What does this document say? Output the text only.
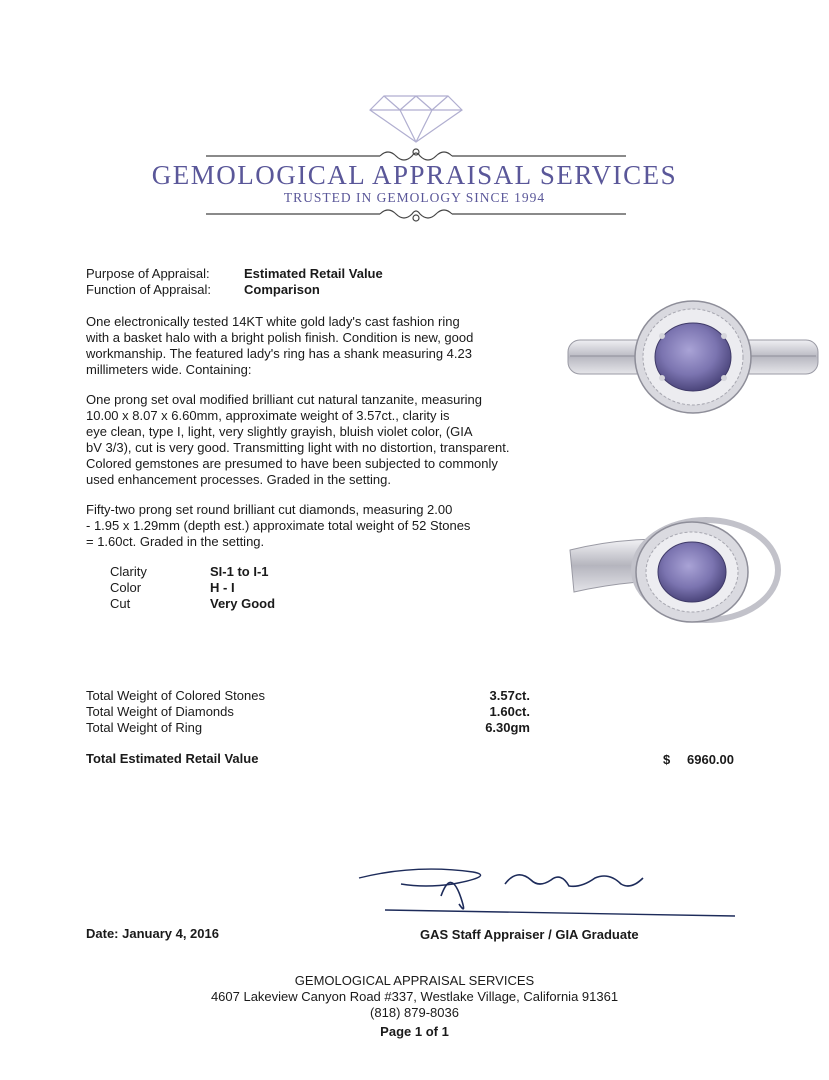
GEMOLOGICAL APPRAISAL SERVICES
TRUSTED IN GEMOLOGY SINCE 1994
Purpose of Appraisal:	Estimated Retail Value
Function of Appraisal:	Comparison
One electronically tested 14KT white gold lady's cast fashion ring
with a basket halo with a bright polish finish. Condition is new, good
workmanship. The featured lady's ring has a shank measuring 4.23
millimeters wide. Containing:
One prong set oval modified brilliant cut natural tanzanite, measuring
10.00 x 8.07 x 6.60mm, approximate weight of 3.57ct., clarity is
eye clean, type I, light, very slightly grayish, bluish violet color, (GIA
bV 3/3), cut is very good. Transmitting light with no distortion, transparent.
Colored gemstones are presumed to have been subjected to commonly
used enhancement processes. Graded in the setting.
Fifty-two prong set round brilliant cut diamonds, measuring 2.00
- 1.95 x 1.29mm (depth est.) approximate total weight of 52 Stones
= 1.60ct. Graded in the setting.
Clarity	SI-1 to I-1
Color	H - I
Cut	Very Good
Total Weight of Colored Stones	3.57ct.
Total Weight of Diamonds	1.60ct.
Total Weight of Ring	6.30gm
Total Estimated Retail Value	$ 6960.00
Date: January 4, 2016	GAS Staff Appraiser / GIA Graduate
GEMOLOGICAL APPRAISAL SERVICES
4607 Lakeview Canyon Road #337, Westlake Village, California 91361
(818) 879-8036
Page 1 of 1
